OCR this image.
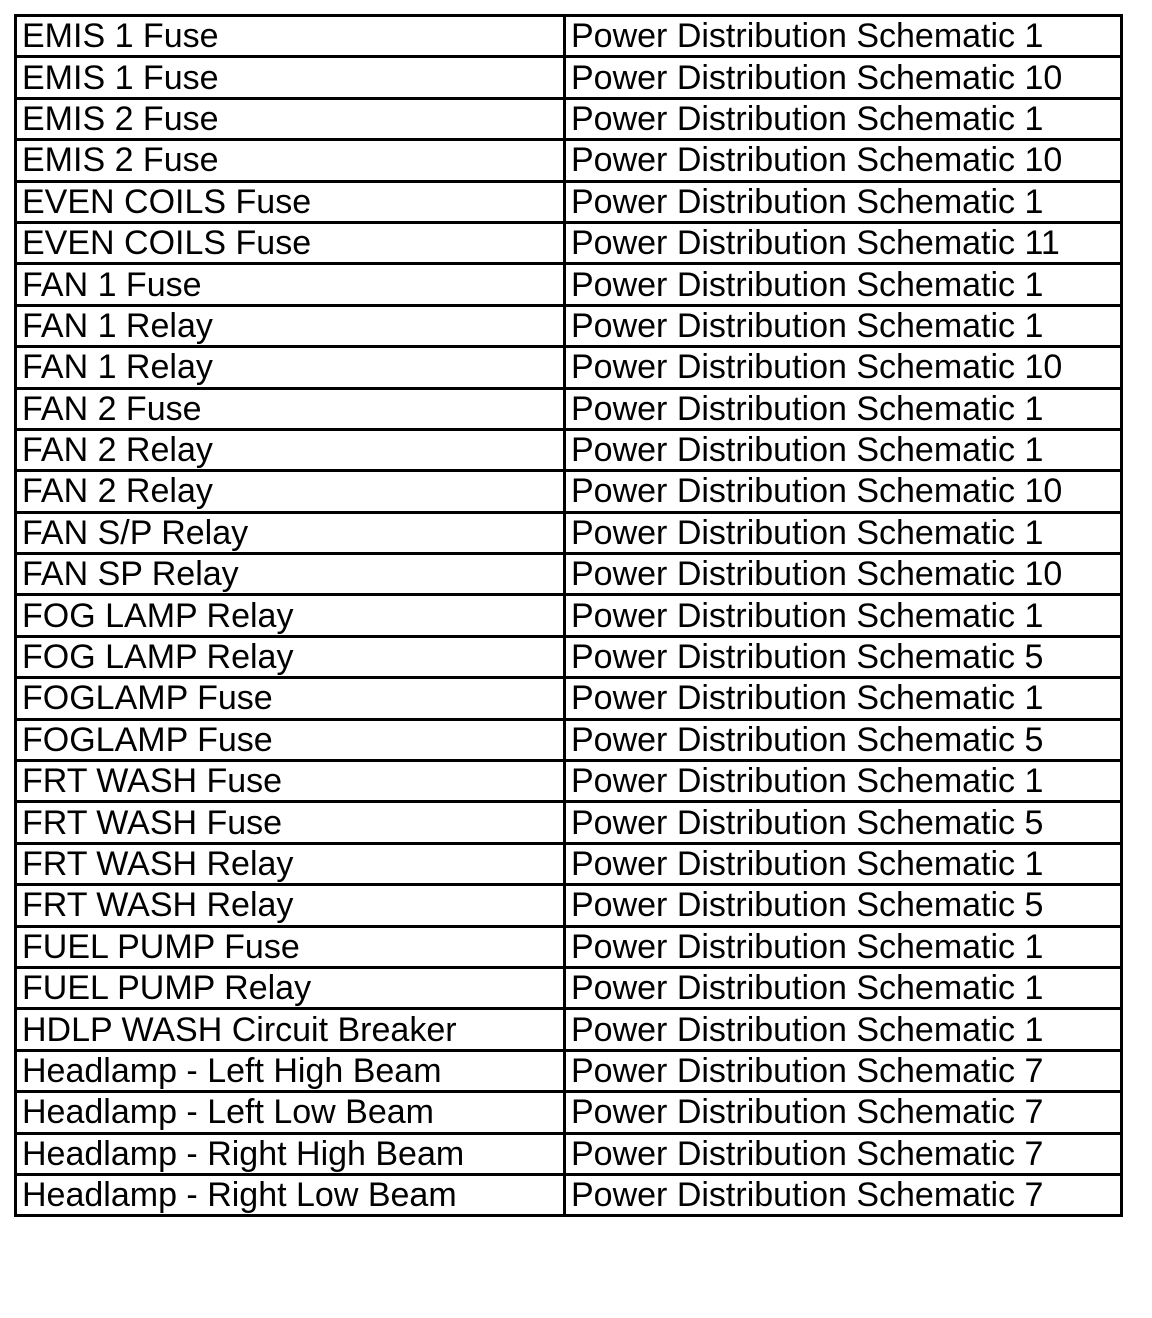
EMIS 1 Fuse	Power Distribution Schematic 1
EMIS 1 Fuse	Power Distribution Schematic 10
EMIS 2 Fuse	Power Distribution Schematic 1
EMIS 2 Fuse	Power Distribution Schematic 10
EVEN COILS Fuse	Power Distribution Schematic 1
EVEN COILS Fuse	Power Distribution Schematic 11
FAN 1 Fuse	Power Distribution Schematic 1
FAN 1 Relay	Power Distribution Schematic 1
FAN 1 Relay	Power Distribution Schematic 10
FAN 2 Fuse	Power Distribution Schematic 1
FAN 2 Relay	Power Distribution Schematic 1
FAN 2 Relay	Power Distribution Schematic 10
FAN S/P Relay	Power Distribution Schematic 1
FAN SP Relay	Power Distribution Schematic 10
FOG LAMP Relay	Power Distribution Schematic 1
FOG LAMP Relay	Power Distribution Schematic 5
FOGLAMP Fuse	Power Distribution Schematic 1
FOGLAMP Fuse	Power Distribution Schematic 5
FRT WASH Fuse	Power Distribution Schematic 1
FRT WASH Fuse	Power Distribution Schematic 5
FRT WASH Relay	Power Distribution Schematic 1
FRT WASH Relay	Power Distribution Schematic 5
FUEL PUMP Fuse	Power Distribution Schematic 1
FUEL PUMP Relay	Power Distribution Schematic 1
HDLP WASH Circuit Breaker	Power Distribution Schematic 1
Headlamp - Left High Beam	Power Distribution Schematic 7
Headlamp - Left Low Beam	Power Distribution Schematic 7
Headlamp - Right High Beam	Power Distribution Schematic 7
Headlamp - Right Low Beam	Power Distribution Schematic 7
